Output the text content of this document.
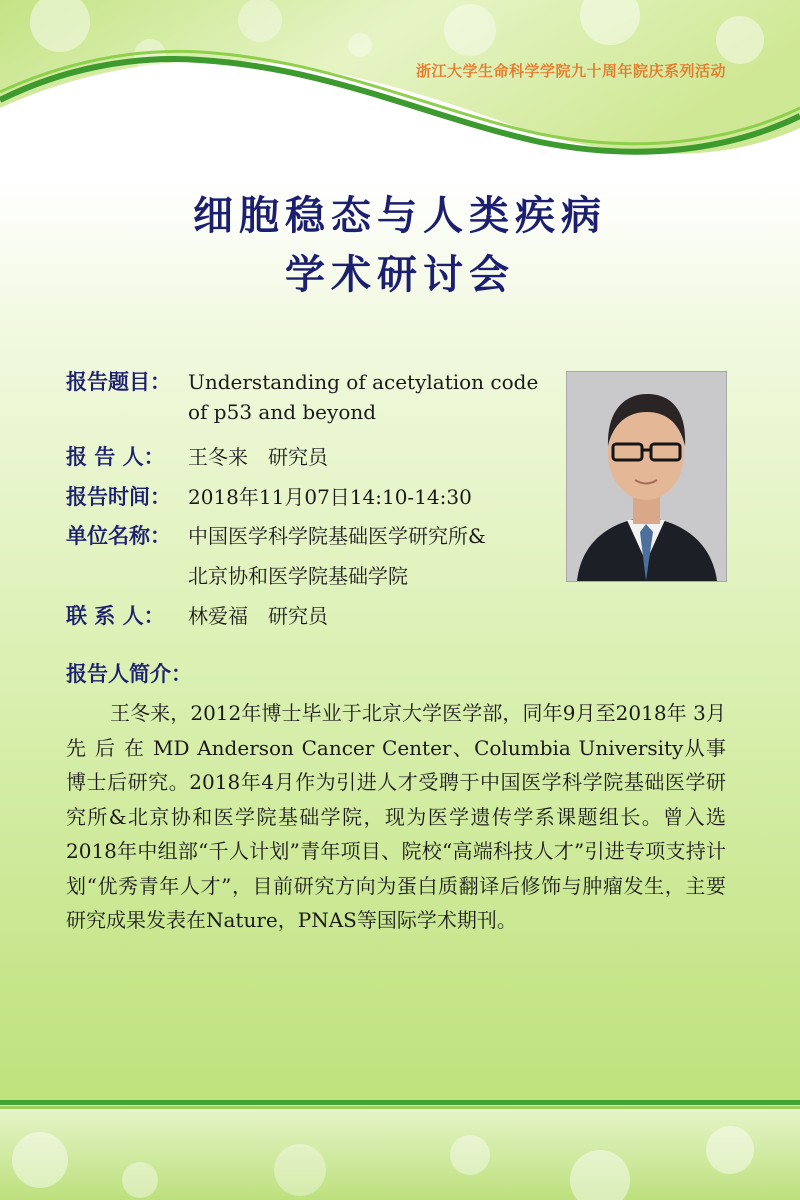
浙江大学生命科学学院九十周年院庆系列活动
细胞稳态与人类疾病
学术研讨会
报告题目： Understanding of acetylation code
of p53 and beyond
报 告 人： 王冬来　研究员
报告时间： 2018年11月07日14:10-14:30
单位名称： 中国医学科学院基础医学研究所&
北京协和医学院基础学院
联 系 人： 林爱福　研究员
报告人简介：
王冬来，2012年博士毕业于北京大学医学部，同年9月至2018年 3月 先 后 在 MD Anderson Cancer Center、Columbia University从事博士后研究。2018年4月作为引进人才受聘于中国医学科学院基础医学研究所&北京协和医学院基础学院，现为医学遗传学系课题组长。曾入选2018年中组部“千人计划”青年项目、院校“高端科技人才”引进专项支持计划“优秀青年人才”，目前研究方向为蛋白质翻译后修饰与肿瘤发生，主要研究成果发表在Nature，PNAS等国际学术期刊。
